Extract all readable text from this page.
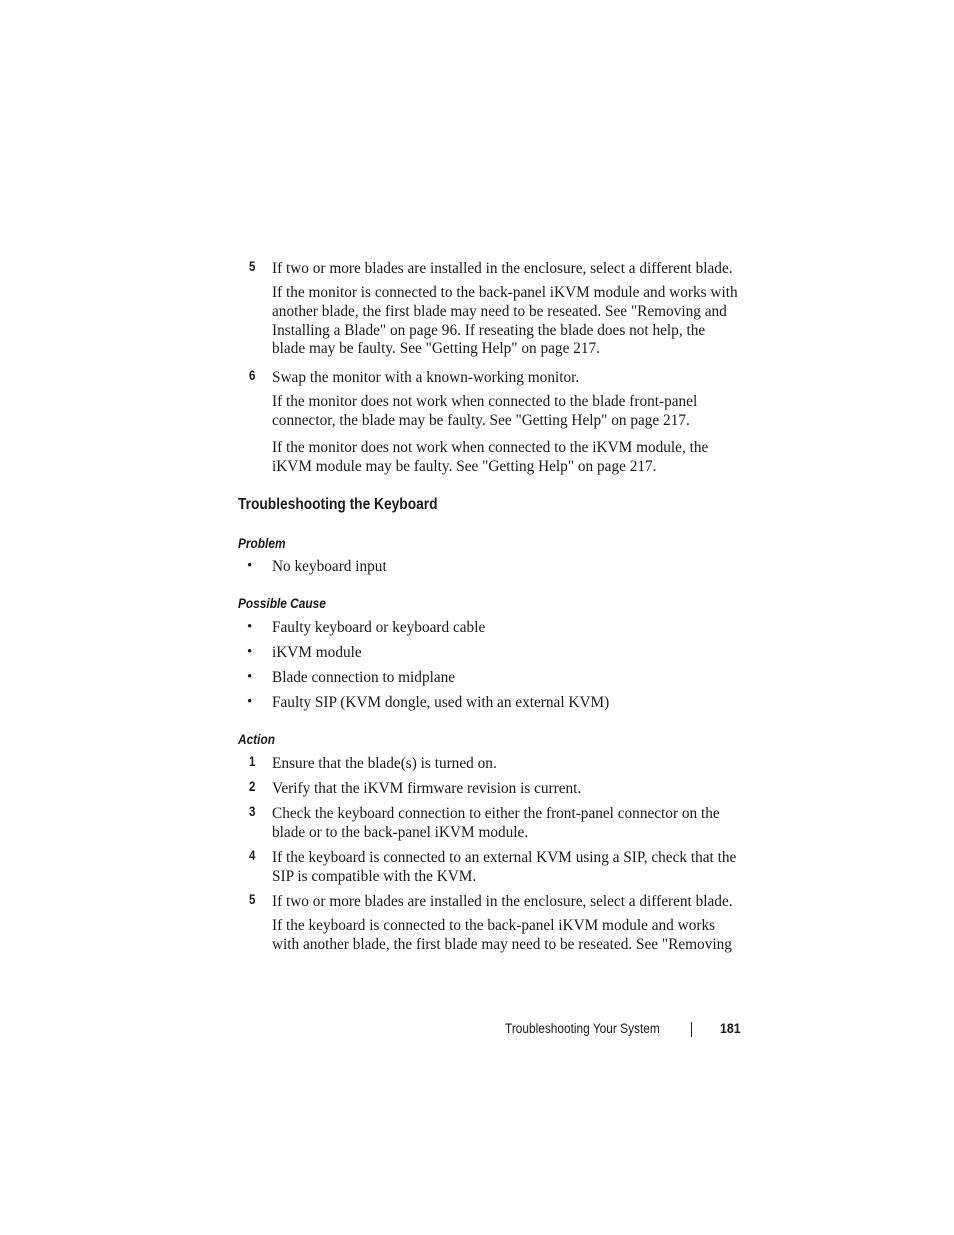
5 If two or more blades are installed in the enclosure, select a different blade.
If the monitor is connected to the back-panel iKVM module and works with another blade, the first blade may need to be reseated. See "Removing and Installing a Blade" on page 96. If reseating the blade does not help, the blade may be faulty. See "Getting Help" on page 217.
6 Swap the monitor with a known-working monitor.
If the monitor does not work when connected to the blade front-panel connector, the blade may be faulty. See "Getting Help" on page 217.
If the monitor does not work when connected to the iKVM module, the iKVM module may be faulty. See "Getting Help" on page 217.
Troubleshooting the Keyboard
Problem
• No keyboard input
Possible Cause
• Faulty keyboard or keyboard cable
• iKVM module
• Blade connection to midplane
• Faulty SIP (KVM dongle, used with an external KVM)
Action
1 Ensure that the blade(s) is turned on.
2 Verify that the iKVM firmware revision is current.
3 Check the keyboard connection to either the front-panel connector on the blade or to the back-panel iKVM module.
4 If the keyboard is connected to an external KVM using a SIP, check that the SIP is compatible with the KVM.
5 If two or more blades are installed in the enclosure, select a different blade.
If the keyboard is connected to the back-panel iKVM module and works with another blade, the first blade may need to be reseated. See "Removing
Troubleshooting Your System	181
